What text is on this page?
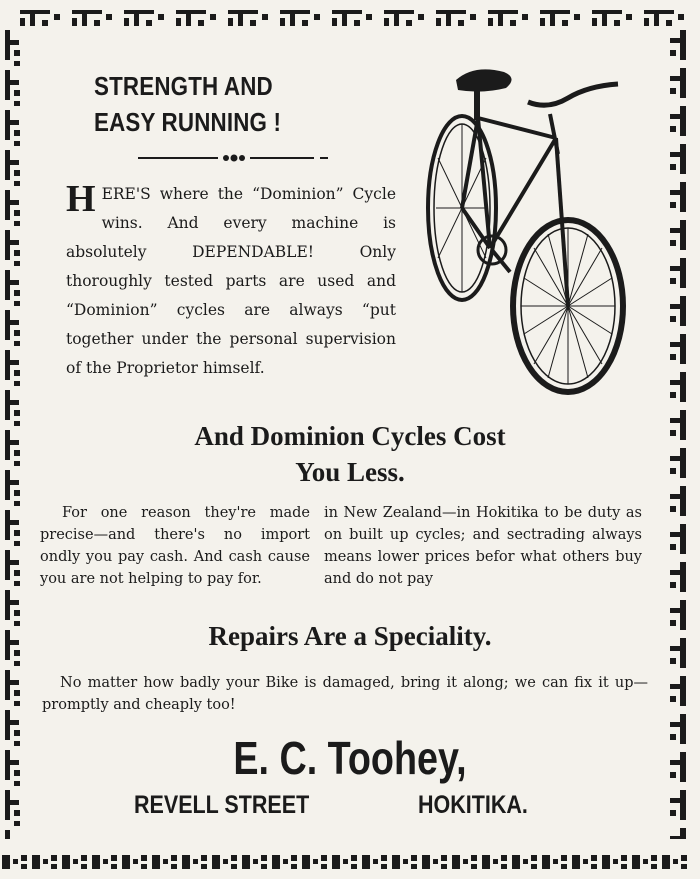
STRENGTH AND
EASY RUNNING !
H ERE'S where the “Dominion” Cycle wins. And every machine is absolutely DEPENDABLE! Only thoroughly tested parts are used and “Dominion” cycles are always “put together under the personal supervision of the Proprietor himself.
And Dominion Cycles Cost
You Less.
For one reason they're made precise—and there's no import ondly you pay cash. And cash cause you are not helping to pay for.
in New Zealand—in Hokitika to be duty as on built up cycles; and sectrading always means lower prices befor what others buy and do not pay
Repairs Are a Speciality.
No matter how badly your Bike is damaged, bring it along; we can fix it up—promptly and cheaply too!
E. C. Toohey,
REVELL STREET	HOKITIKA.
